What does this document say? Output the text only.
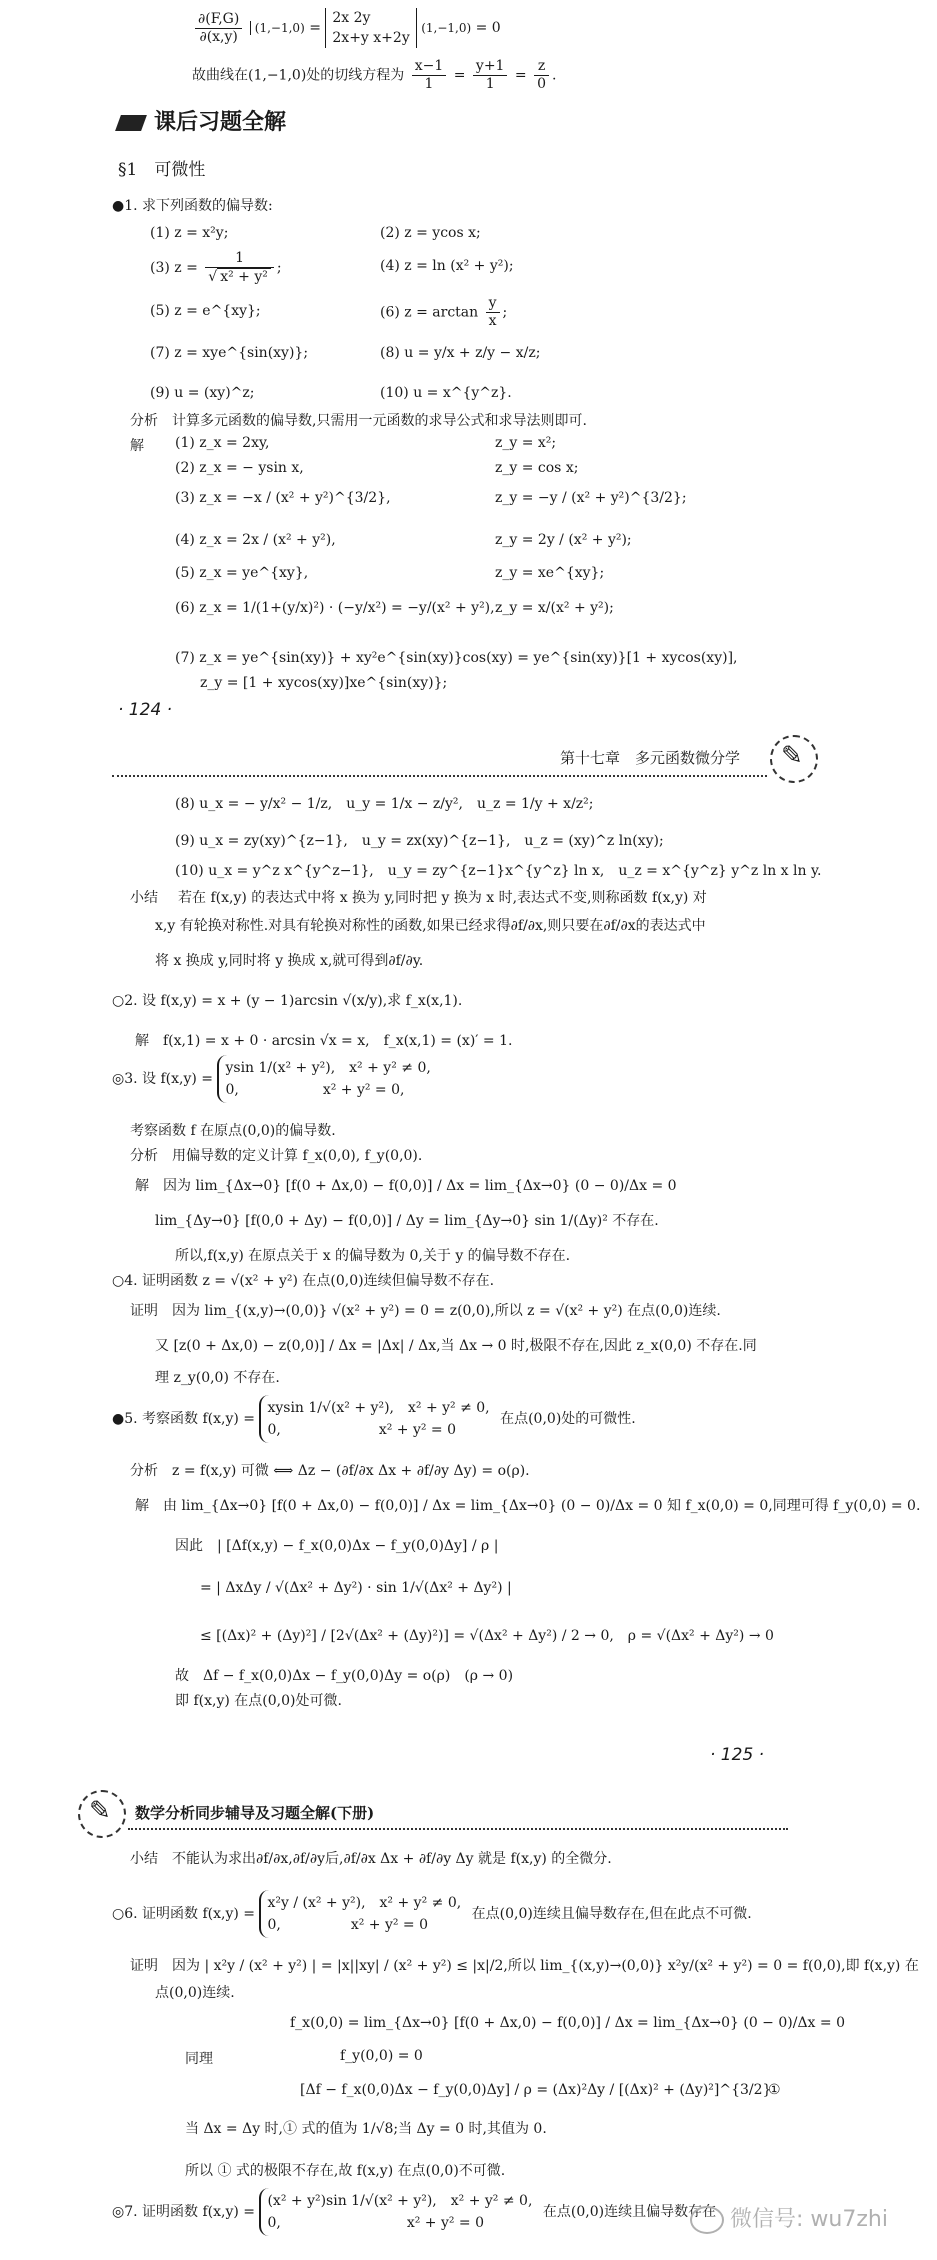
$\frac{\partial(F,G)}{\partial(x,y)} (1,-1,0)$ =
2x 2y
2x+y x+2y
(1,−1,0) = 0
故曲线在(1,−1,0)处的切线方程为 $\frac{x-1}{1} = \frac{y+1}{1} = \frac{z}{0}$ .
课后习题全解
§1　可微性
●1. 求下列函数的偏导数:
(1) z = x²y;	(2) z = ycos x;
(3) z = 1
√ x² + y² ;	(4) z = ln (x² + y²);
(5) z = e^{xy};	(6) $z = \arctan \frac{y}{x}$ ;
(7) z = xye^{sin(xy)};	(8) u = y/x + z/y − x/z;
(9) u = (xy)^z;	(10) u = x^{y^z}.
分析　计算多元函数的偏导数,只需用一元函数的求导公式和求导法则即可.
解 (1) z_x = 2xy,	z_y = x²;
(2) z_x = − ysin x,	z_y = cos x;
(3) z_x = −x / (x² + y²)^{3/2},	z_y = −y / (x² + y²)^{3/2};
(4) z_x = 2x / (x² + y²),	z_y = 2y / (x² + y²);
(5) z_x = ye^{xy},	z_y = xe^{xy};
(6) z_x = 1/(1+(y/x)²) · (−y/x²) = −y/(x² + y²), z_y = x/(x² + y²);
(7) z_x = ye^{sin(xy)} + xy²e^{sin(xy)}cos(xy) = ye^{sin(xy)}[1 + xycos(xy)],
z_y = [1 + xycos(xy)]xe^{sin(xy)};
· 124 ·
第十七章　多元函数微分学
✎
(8) u_x = − y/x² − 1/z,　u_y = 1/x − z/y²,　u_z = 1/y + x/z²;
(9) u_x = zy(xy)^{z−1},　u_y = zx(xy)^{z−1},　u_z = (xy)^z ln(xy);
(10) u_x = y^z x^{y^z−1},　u_y = zy^{z−1}x^{y^z} ln x,　u_z = x^{y^z} y^z ln x ln y.
小结 若在 f(x,y) 的表达式中将 x 换为 y,同时把 y 换为 x 时,表达式不变,则称函数 f(x,y) 对
x,y 有轮换对称性.对具有轮换对称性的函数,如果已经求得∂f/∂x,则只要在∂f/∂x的表达式中
将 x 换成 y,同时将 y 换成 x,就可得到∂f/∂y.
○2. 设 f(x,y) = x + (y − 1)arcsin √(x/y),求 f_x(x,1).
解　f(x,1) = x + 0 · arcsin √x = x,　f_x(x,1) = (x)′ = 1.
◎3. 设 f(x,y) =
ysin 1/(x² + y²),　x² + y² ≠ 0,
0,　　　　　　x² + y² = 0,
考察函数 f 在原点(0,0)的偏导数.
分析　用偏导数的定义计算 f_x(0,0), f_y(0,0).
解　因为 lim_{Δx→0} [f(0 + Δx,0) − f(0,0)] / Δx = lim_{Δx→0} (0 − 0)/Δx = 0
lim_{Δy→0} [f(0,0 + Δy) − f(0,0)] / Δy = lim_{Δy→0} sin 1/(Δy)² 不存在.
所以,f(x,y) 在原点关于 x 的偏导数为 0,关于 y 的偏导数不存在.
○4. 证明函数 z = √(x² + y²) 在点(0,0)连续但偏导数不存在.
证明　因为 lim_{(x,y)→(0,0)} √(x² + y²) = 0 = z(0,0),所以 z = √(x² + y²) 在点(0,0)连续.
又 [z(0 + Δx,0) − z(0,0)] / Δx = |Δx| / Δx,当 Δx → 0 时,极限不存在,因此 z_x(0,0) 不存在.同
理 z_y(0,0) 不存在.
●5. 考察函数 f(x,y) =
xysin 1/√(x² + y²),　x² + y² ≠ 0,
0,　　　　　　　x² + y² = 0
在点(0,0)处的可微性.
分析　z = f(x,y) 可微 ⟺ Δz − (∂f/∂x Δx + ∂f/∂y Δy) = o(ρ).
解　由 lim_{Δx→0} [f(0 + Δx,0) − f(0,0)] / Δx = lim_{Δx→0} (0 − 0)/Δx = 0 知 f_x(0,0) = 0,同理可得 f_y(0,0) = 0.
因此　| [Δf(x,y) − f_x(0,0)Δx − f_y(0,0)Δy] / ρ |
= | ΔxΔy / √(Δx² + Δy²) · sin 1/√(Δx² + Δy²) |
≤ [(Δx)² + (Δy)²] / [2√(Δx² + (Δy)²)] = √(Δx² + Δy²) / 2 → 0,　ρ = √(Δx² + Δy²) → 0
故　Δf − f_x(0,0)Δx − f_y(0,0)Δy = o(ρ)　(ρ → 0)
即 f(x,y) 在点(0,0)处可微.
· 125 ·
✎
数学分析同步辅导及习题全解(下册)
小结　不能认为求出∂f/∂x,∂f/∂y后,∂f/∂x Δx + ∂f/∂y Δy 就是 f(x,y) 的全微分.
○6. 证明函数 f(x,y) =
x²y / (x² + y²),　x² + y² ≠ 0,
0,　　　　　x² + y² = 0
在点(0,0)连续且偏导数存在,但在此点不可微.
证明　因为 | x²y / (x² + y²) | = |x||xy| / (x² + y²) ≤ |x|/2,所以 lim_{(x,y)→(0,0)} x²y/(x² + y²) = 0 = f(0,0),即 f(x,y) 在
点(0,0)连续.
f_x(0,0) = lim_{Δx→0} [f(0 + Δx,0) − f(0,0)] / Δx = lim_{Δx→0} (0 − 0)/Δx = 0
同理	f_y(0,0) = 0
[Δf − f_x(0,0)Δx − f_y(0,0)Δy] / ρ = (Δx)²Δy / [(Δx)² + (Δy)²]^{3/2}
①
当 Δx = Δy 时,① 式的值为 1/√8;当 Δy = 0 时,其值为 0.
所以 ① 式的极限不存在,故 f(x,y) 在点(0,0)不可微.
◎7. 证明函数 f(x,y) =
(x² + y²)sin 1/√(x² + y²),　x² + y² ≠ 0,
0,　　　　　　　　　x² + y² = 0
在点(0,0)连续且偏导数存在 微信号: wu7zhi
